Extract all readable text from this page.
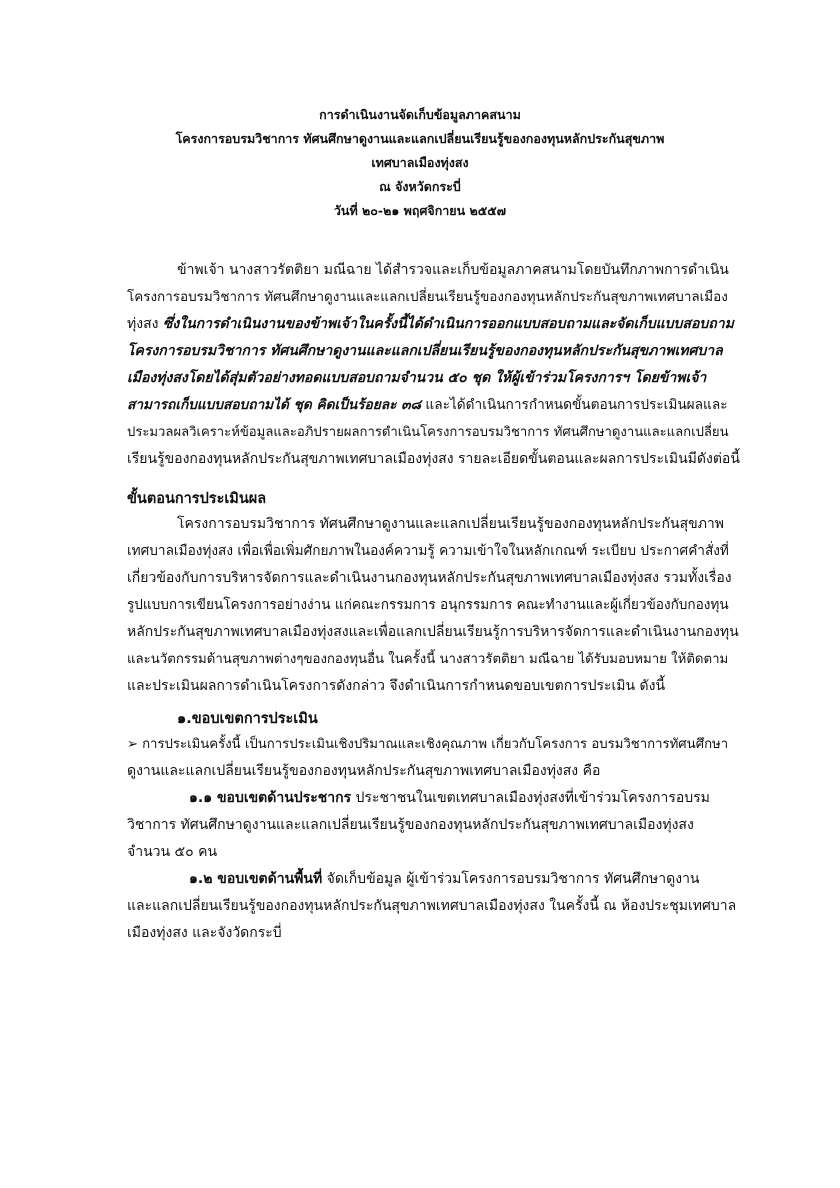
การดำเนินงานจัดเก็บข้อมูลภาคสนาม
โครงการอบรมวิชาการ ทัศนศึกษาดูงานและแลกเปลี่ยนเรียนรู้ของกองทุนหลักประกันสุขภาพ
เทศบาลเมืองทุ่งสง
ณ จังหวัดกระบี่
วันที่ ๒๐-๒๑ พฤศจิกายน ๒๕๕๗
ข้าพเจ้า นางสาวรัตติยา มณีฉาย ได้สำรวจและเก็บข้อมูลภาคสนามโดยบันทึกภาพการดำเนิน
โครงการอบรมวิชาการ ทัศนศึกษาดูงานและแลกเปลี่ยนเรียนรู้ของกองทุนหลักประกันสุขภาพเทศบาลเมือง
ทุ่งสง ซึ่งในการดำเนินงานของข้าพเจ้าในครั้งนี้ได้ดำเนินการออกแบบสอบถามและจัดเก็บแบบสอบถาม
โครงการอบรมวิชาการ ทัศนศึกษาดูงานและแลกเปลี่ยนเรียนรู้ของกองทุนหลักประกันสุขภาพเทศบาล
เมืองทุ่งสงโดยได้สุ่มตัวอย่างทอดแบบสอบถามจำนวน ๕๐ ชุด ให้ผู้เข้าร่วมโครงการฯ โดยข้าพเจ้า
สามารถเก็บแบบสอบถามได้ ชุด คิดเป็นร้อยละ ๓๘ และได้ดำเนินการกำหนดขั้นตอนการประเมินผลและ
ประมวลผลวิเคราะห์ข้อมูลและอภิปรายผลการดำเนินโครงการอบรมวิชาการ ทัศนศึกษาดูงานและแลกเปลี่ยน
เรียนรู้ของกองทุนหลักประกันสุขภาพเทศบาลเมืองทุ่งสง รายละเอียดขั้นตอนและผลการประเมินมีดังต่อนี้
ขั้นตอนการประเมินผล
โครงการอบรมวิชาการ ทัศนศึกษาดูงานและแลกเปลี่ยนเรียนรู้ของกองทุนหลักประกันสุขภาพ
เทศบาลเมืองทุ่งสง เพื่อเพื่อเพิ่มศักยภาพในองค์ความรู้ ความเข้าใจในหลักเกณฑ์ ระเบียบ ประกาศคำสั่งที่
เกี่ยวข้องกับการบริหารจัดการและดำเนินงานกองทุนหลักประกันสุขภาพเทศบาลเมืองทุ่งสง รวมทั้งเรื่อง
รูปแบบการเขียนโครงการอย่างง่าน แก่คณะกรรมการ อนุกรรมการ คณะทำงานและผู้เกี่ยวข้องกับกองทุน
หลักประกันสุขภาพเทศบาลเมืองทุ่งสงและเพื่อแลกเปลี่ยนเรียนรู้การบริหารจัดการและดำเนินงานกองทุน
และนวัตกรรมด้านสุขภาพต่างๆของกองทุนอื่น ในครั้งนี้ นางสาวรัตติยา มณีฉาย ได้รับมอบหมาย ให้ติดตาม
และประเมินผลการดำเนินโครงการดังกล่าว จึงดำเนินการกำหนดขอบเขตการประเมิน ดังนี้
๑.ขอบเขตการประเมิน
➢ การประเมินครั้งนี้ เป็นการประเมินเชิงปริมาณและเชิงคุณภาพ เกี่ยวกับโครงการ อบรมวิชาการทัศนศึกษา
ดูงานและแลกเปลี่ยนเรียนรู้ของกองทุนหลักประกันสุขภาพเทศบาลเมืองทุ่งสง คือ
๑.๑ ขอบเขตด้านประชากร ประชาชนในเขตเทศบาลเมืองทุ่งสงที่เข้าร่วมโครงการอบรม
วิชาการ ทัศนศึกษาดูงานและแลกเปลี่ยนเรียนรู้ของกองทุนหลักประกันสุขภาพเทศบาลเมืองทุ่งสง
จำนวน ๕๐ คน
๑.๒ ขอบเขตด้านพื้นที่ จัดเก็บข้อมูล ผู้เข้าร่วมโครงการอบรมวิชาการ ทัศนศึกษาดูงาน
และแลกเปลี่ยนเรียนรู้ของกองทุนหลักประกันสุขภาพเทศบาลเมืองทุ่งสง ในครั้งนี้ ณ ห้องประชุมเทศบาล
เมืองทุ่งสง และจังวัดกระบี่
